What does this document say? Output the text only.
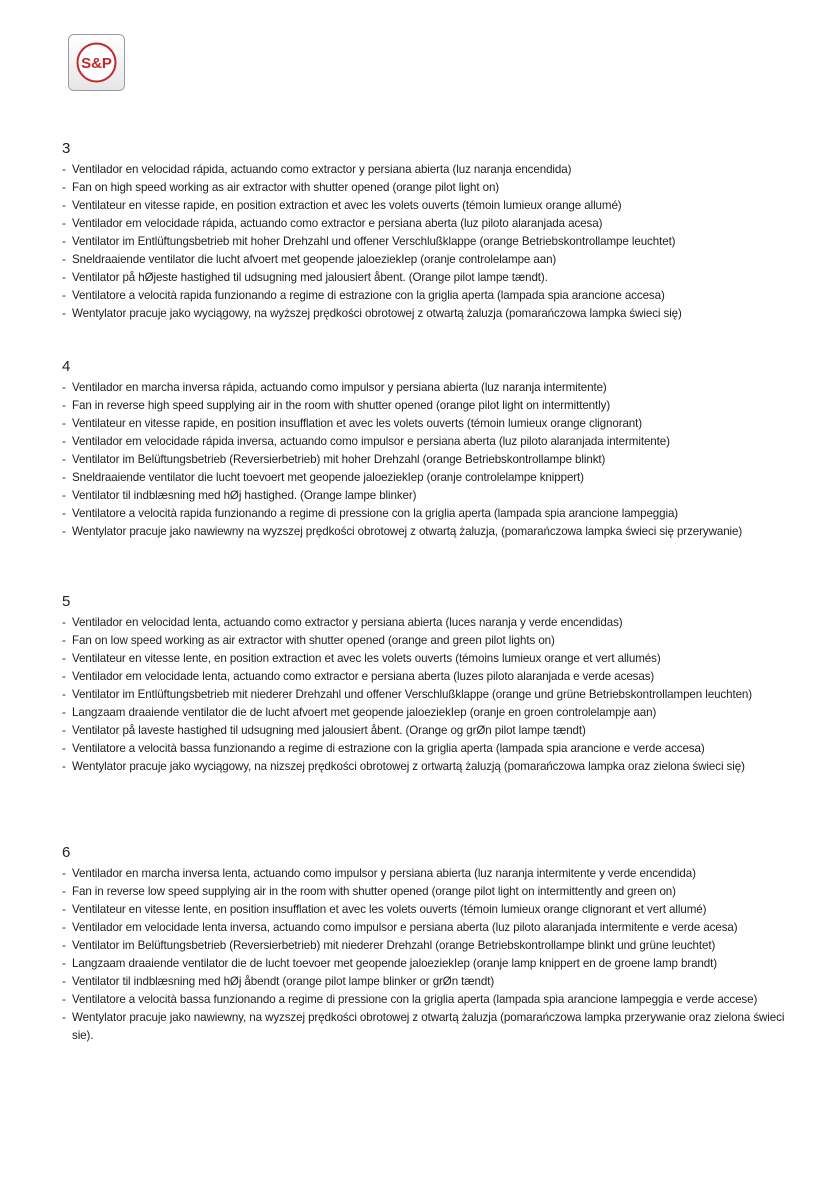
S&P
3
- Ventilador en velocidad rápida, actuando como extractor y persiana abierta (luz naranja encendida)
- Fan on high speed working as air extractor with shutter opened (orange pilot light on)
- Ventilateur en vitesse rapide, en position extraction et avec les volets ouverts (témoin lumieux orange allumé)
- Ventilador em velocidade rápida, actuando como extractor e persiana aberta (luz piloto alaranjada acesa)
- Ventilator im Entlüftungsbetrieb mit hoher Drehzahl und offener Verschlußklappe (orange Betriebskontrollampe leuchtet)
- Sneldraaiende ventilator die lucht afvoert met geopende jaloeziekIep (oranje controlelampe aan)
- Ventilator på hØjeste hastighed til udsugning med jalousiert åbent. (Orange pilot lampe tændt).
- Ventilatore a velocità rapida funzionando a regime di estrazione con la griglia aperta (lampada spia arancione accesa)
- Wentylator pracuje jako wyciągowy, na wyższej prędkości obrotowej z otwartą żaluzja (pomarańczowa lampka świeci się)
4
- Ventilador en marcha inversa rápida, actuando como impulsor y persiana abierta (luz naranja intermitente)
- Fan in reverse high speed supplying air in the room with shutter opened (orange pilot light on intermittently)
- Ventilateur en vitesse rapide, en position insufflation et avec les volets ouverts (témoin lumieux orange clignorant)
- Ventilador em velocidade rápida inversa, actuando como impulsor e persiana aberta (luz piloto alaranjada intermitente)
- Ventilator im Belüftungsbetrieb (Reversierbetrieb) mit hoher Drehzahl (orange Betriebskontrollampe blinkt)
- Sneldraaiende ventilator die lucht toevoert met geopende jaloeziekIep (oranje controlelampe knippert)
- Ventilator til indblæsning med hØj hastighed. (Orange lampe blinker)
- Ventilatore a velocità rapida funzionando a regime di pressione con la griglia aperta (lampada spia arancione lampeggia)
- Wentylator pracuje jako nawiewny na wyzszej prędkości obrotowej z otwartą żaluzja, (pomarańczowa lampka świeci się przerywanie)
5
- Ventilador en velocidad lenta, actuando como extractor y persiana abierta (luces naranja y verde encendidas)
- Fan on low speed working as air extractor with shutter opened (orange and green pilot lights on)
- Ventilateur en vitesse lente, en position extraction et avec les volets ouverts (témoins lumieux orange et vert allumés)
- Ventilador em velocidade lenta, actuando como extractor e persiana aberta (luzes piloto alaranjada e verde acesas)
- Ventilator im Entlüftungsbetrieb mit niederer Drehzahl und offener Verschlußklappe (orange und grüne Betriebskontrollampen leuchten)
- Langzaam draaiende ventilator die de lucht afvoert met geopende jaloeziekIep (oranje en groen controlelampje aan)
- Ventilator på laveste hastighed til udsugning med jalousiert åbent. (Orange og grØn pilot lampe tændt)
- Ventilatore a velocità bassa funzionando a regime di estrazione con la griglia aperta (lampada spia arancione e verde accesa)
- Wentylator pracuje jako wyciągowy, na nizszej prędkości obrotowej z ortwartą żaluzją (pomarańczowa lampka oraz zielona świeci się)
6
- Ventilador en marcha inversa lenta, actuando como impulsor y persiana abierta (luz naranja intermitente y verde encendida)
- Fan in reverse low speed supplying air in the room with shutter opened (orange pilot light on intermittently and green on)
- Ventilateur en vitesse lente, en position insufflation et avec les volets ouverts (témoin lumieux orange clignorant et vert allumé)
- Ventilador em velocidade lenta inversa, actuando como impulsor e persiana aberta (luz piloto alaranjada intermitente e verde acesa)
- Ventilator im Belüftungsbetrieb (Reversierbetrieb) mit niederer Drehzahl (orange Betriebskontrollampe blinkt und grüne leuchtet)
- Langzaam draaiende ventilator die de lucht toevoer met geopende jaloeziekIep (oranje lamp knippert en de groene lamp brandt)
- Ventilator til indblæsning med hØj åbendt (orange pilot lampe blinker or grØn tændt)
- Ventilatore a velocità bassa funzionando a regime di pressione con la griglia aperta (lampada spia arancione lampeggia e verde accese)
- Wentylator pracuje jako nawiewny, na wyzszej prędkości obrotowej z otwartą żaluzja (pomarańczowa lampka przerywanie oraz zielona świeci sie).
